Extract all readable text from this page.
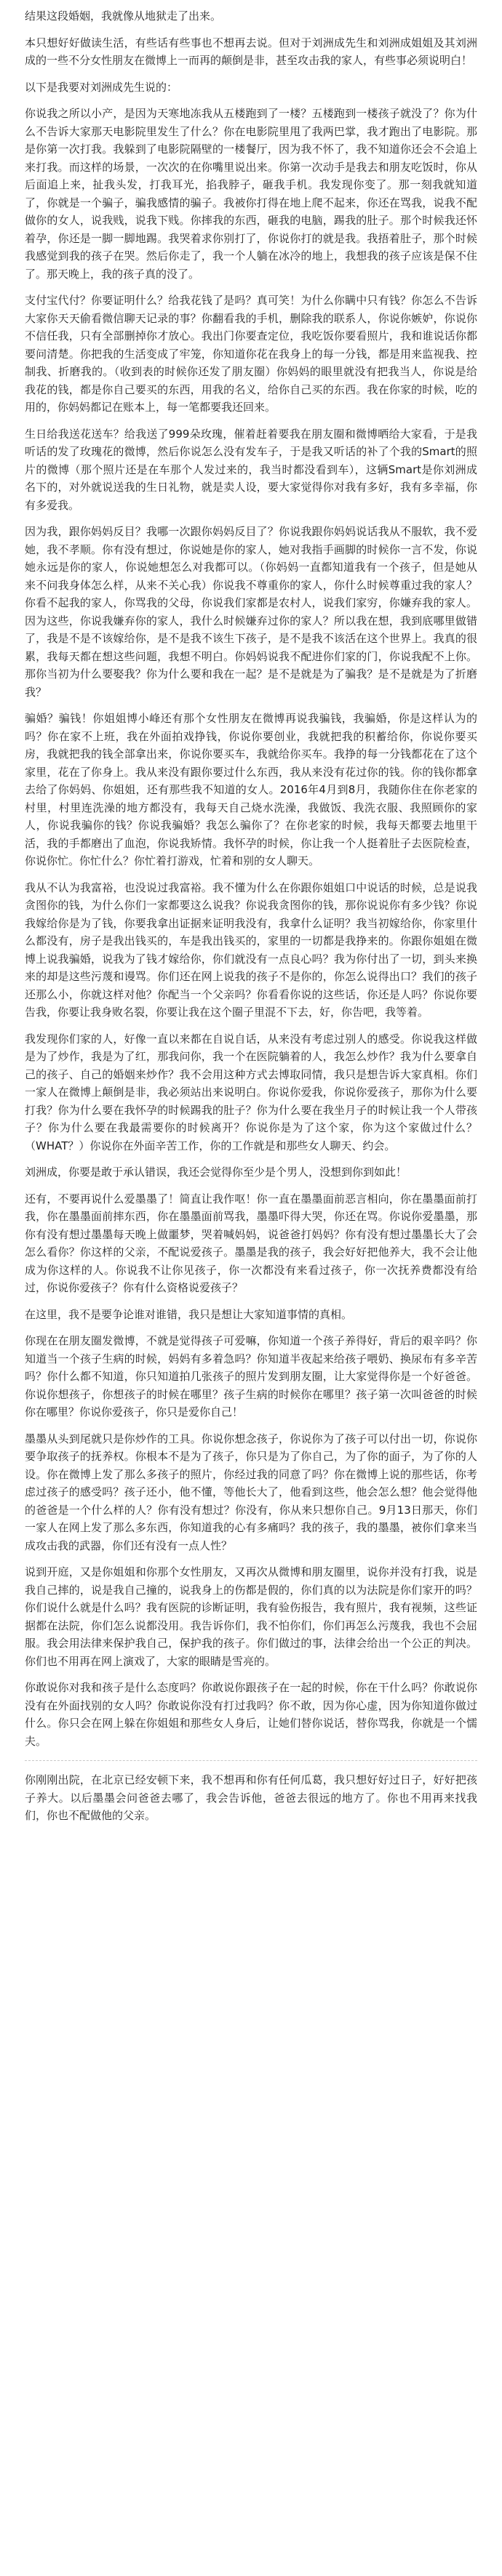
结果这段婚姻，我就像从地狱走了出来。

本只想好好做读生活，有些话有些事也不想再去说。但对于刘洲成先生和刘洲成姐姐及其刘洲成的一些不分女性朋友在微博上一而再的颠倒是非，甚至攻击我的家人，有些事必须说明白！

以下是我要对刘洲成先生说的：

你说我之所以小产，是因为天寒地冻我从五楼跑到了一楼？五楼跑到一楼孩子就没了？你为什么不告诉大家那天电影院里发生了什么？你在电影院里甩了我两巴掌，我才跑出了电影院。那是你第一次打我。我躲到了电影院隔壁的一楼餐厅，因为我不怀了，我不知道你还会不会追上来打我。而这样的场景，一次次的在你嘴里说出来。你第一次动手是我去和朋友吃饭时，你从后面追上来，扯我头发，打我耳光，掐我脖子，砸我手机。我发现你变了。那一刻我就知道了，你就是一个骗子，骗我感情的骗子。我被你打得在地上爬不起来，你还在骂我，说我不配做你的女人，说我贱，说我下贱。你摔我的东西，砸我的电脑，踢我的肚子。那个时候我还怀着孕，你还是一脚一脚地踢。我哭着求你别打了，你说你打的就是我。我捂着肚子，那个时候我感觉到我的孩子在哭。然后你走了，我一个人躺在冰冷的地上，我想我的孩子应该是保不住了。那天晚上，我的孩子真的没了。

支付宝代付？你要证明什么？给我花钱了是吗？真可笑！为什么你瞒中只有钱？你怎么不告诉大家你天天偷看微信聊天记录的事？你翻看我的手机，删除我的联系人，你说你嫉妒，你说你不信任我，只有全部删掉你才放心。我出门你要查定位，我吃饭你要看照片，我和谁说话你都要问清楚。你把我的生活变成了牢笼，你知道你花在我身上的每一分钱，都是用来监视我、控制我、折磨我的。（收到表的时候你还发了朋友圈）你妈妈的眼里就没有把我当人，你说是给我花的钱，都是你自己要买的东西，用我的名义，给你自己买的东西。我在你家的时候，吃的用的，你妈妈都记在账本上，每一笔都要我还回来。

生日给我送花送车？给我送了999朵玫瑰，催着赶着要我在朋友圈和微博晒给大家看，于是我听话的发了玫瑰花的微博，然后你说怎么没有发车子，于是我又听话的补了个我的Smart的照片的微博（那个照片还是在车那个人发过来的，我当时都没看到车），这辆Smart是你刘洲成名下的，对外就说送我的生日礼物，就是卖人设，要大家觉得你对我有多好，我有多幸福，你有多爱我。

因为我，跟你妈妈反目？我哪一次跟你妈妈反目了？你说我跟你妈妈说话我从不服软，我不爱她，我不孝顺。你有没有想过，你说她是你的家人，她对我指手画脚的时候你一言不发，你说她永远是你的家人，你说她想怎么对我都可以。（你妈妈一直都知道我有一个孩子，但是她从来不问我身体怎么样，从来不关心我）你说我不尊重你的家人，你什么时候尊重过我的家人？你看不起我的家人，你骂我的父母，你说我们家都是农村人，说我们家穷，你嫌弃我的家人。因为这些，你说我嫌弃你的家人，我什么时候嫌弃过你的家人？所以我在想，我到底哪里做错了，我是不是不该嫁给你，是不是我不该生下孩子，是不是我不该活在这个世界上。我真的很累，我每天都在想这些问题，我想不明白。你妈妈说我不配进你们家的门，你说我配不上你。那你当初为什么要娶我？你为什么要和我在一起？是不是就是为了骗我？是不是就是为了折磨我？

骗婚？骗钱！你姐姐博小峰还有那个女性朋友在微博再说我骗钱，我骗婚，你是这样认为的吗？你在家不上班，我在外面拍戏挣钱，你说你要创业，我就把我的积蓄给你，你说你要买房，我就把我的钱全部拿出来，你说你要买车，我就给你买车。我挣的每一分钱都花在了这个家里，花在了你身上。我从来没有跟你要过什么东西，我从来没有花过你的钱。你的钱你都拿去给了你妈妈、你姐姐，还有那些我不知道的女人。2016年4月到8月，我随你住在你老家的村里，村里连洗澡的地方都没有，我每天自己烧水洗澡，我做饭、我洗衣服、我照顾你的家人，你说我骗你的钱？你说我骗婚？我怎么骗你了？在你老家的时候，我每天都要去地里干活，我的手都磨出了血泡，你说我矫情。我怀孕的时候，你让我一个人挺着肚子去医院检查，你说你忙。你忙什么？你忙着打游戏，忙着和别的女人聊天。

我从不认为我富裕，也没说过我富裕。我不懂为什么在你跟你姐姐口中说话的时候，总是说我贪图你的钱，为什么你们一家都要这么说我？你说我贪图你的钱，那你说说你有多少钱？你说我嫁给你是为了钱，你要我拿出证据来证明我没有，我拿什么证明？我当初嫁给你，你家里什么都没有，房子是我出钱买的，车是我出钱买的，家里的一切都是我挣来的。你跟你姐姐在微博上说我骗婚，说我为了钱才嫁给你，你们就没有一点良心吗？我为你付出了一切，到头来换来的却是这些污蔑和谩骂。你们还在网上说我的孩子不是你的，你怎么说得出口？我们的孩子还那么小，你就这样对他？你配当一个父亲吗？你看看你说的这些话，你还是人吗？你说你要告我，你要让我身败名裂，你要让我在这个圈子里混不下去，好，你告吧，我等着。

我发现你们家的人，好像一直以来都在自说自话，从来没有考虑过别人的感受。你说我这样做是为了炒作，我是为了红，那我问你，我一个在医院躺着的人，我怎么炒作？我为什么要拿自己的孩子、自己的婚姻来炒作？我不会用这种方式去博取同情，我只是想告诉大家真相。你们一家人在微博上颠倒是非，我必须站出来说明白。你说你爱我，你说你爱孩子，那你为什么要打我？你为什么要在我怀孕的时候踢我的肚子？你为什么要在我坐月子的时候让我一个人带孩子？你为什么要在我最需要你的时候离开？你说你是为了这个家，你为这个家做过什么？（WHAT？）你说你在外面辛苦工作，你的工作就是和那些女人聊天、约会。

刘洲成，你要是敢于承认错误，我还会觉得你至少是个男人，没想到你到如此！

还有，不要再说什么爱墨墨了！简直让我作呕！你一直在墨墨面前恶言相向，你在墨墨面前打我，你在墨墨面前摔东西，你在墨墨面前骂我，墨墨吓得大哭，你还在骂。你说你爱墨墨，那你有没有想过墨墨每天晚上做噩梦，哭着喊妈妈，说爸爸打妈妈？你有没有想过墨墨长大了会怎么看你？你这样的父亲，不配说爱孩子。墨墨是我的孩子，我会好好把他养大，我不会让他成为你这样的人。你说我不让你见孩子，你一次都没有来看过孩子，你一次抚养费都没有给过，你说你爱孩子？你有什么资格说爱孩子？

在这里，我不是要争论谁对谁错，我只是想让大家知道事情的真相。

你现在在朋友圈发微博，不就是觉得孩子可爱嘛，你知道一个孩子养得好，背后的艰辛吗？你知道当一个孩子生病的时候，妈妈有多着急吗？你知道半夜起来给孩子喂奶、换尿布有多辛苦吗？你什么都不知道，你只知道拍几张孩子的照片发到朋友圈，让大家觉得你是一个好爸爸。你说你想孩子，你想孩子的时候在哪里？孩子生病的时候你在哪里？孩子第一次叫爸爸的时候你在哪里？你说你爱孩子，你只是爱你自己！

墨墨从头到尾就只是你炒作的工具。你说你想念孩子，你说你为了孩子可以付出一切，你说你要争取孩子的抚养权。你根本不是为了孩子，你只是为了你自己，为了你的面子，为了你的人设。你在微博上发了那么多孩子的照片，你经过我的同意了吗？你在微博上说的那些话，你考虑过孩子的感受吗？孩子还小，他不懂，等他长大了，他看到这些，他会怎么想？他会觉得他的爸爸是一个什么样的人？你有没有想过？你没有，你从来只想你自己。9月13日那天，你们一家人在网上发了那么多东西，你知道我的心有多痛吗？我的孩子，我的墨墨，被你们拿来当成攻击我的武器，你们还有没有一点人性？

说到开庭，又是你姐姐和你那个女性朋友，又再次从微博和朋友圈里，说你并没有打我，说是我自己摔的，说是我自己撞的，说我身上的伤都是假的，你们真的以为法院是你们家开的吗？你们说什么就是什么吗？我有医院的诊断证明，我有验伤报告，我有照片，我有视频，这些证据都在法院，你们怎么说都没用。我告诉你们，我不怕你们，你们再怎么污蔑我，我也不会屈服。我会用法律来保护我自己，保护我的孩子。你们做过的事，法律会给出一个公正的判决。你们也不用再在网上演戏了，大家的眼睛是雪亮的。

你敢说你对我和孩子是什么态度吗？你敢说你跟孩子在一起的时候，你在干什么吗？你敢说你没有在外面找别的女人吗？你敢说你没有打过我吗？你不敢，因为你心虚，因为你知道你做过什么。你只会在网上躲在你姐姐和那些女人身后，让她们替你说话，替你骂我，你就是一个懦夫。

你刚刚出院，在北京已经安顿下来，我不想再和你有任何瓜葛，我只想好好过日子，好好把孩子养大。以后墨墨会问爸爸去哪了，我会告诉他，爸爸去很远的地方了。你也不用再来找我们，你也不配做他的父亲。
